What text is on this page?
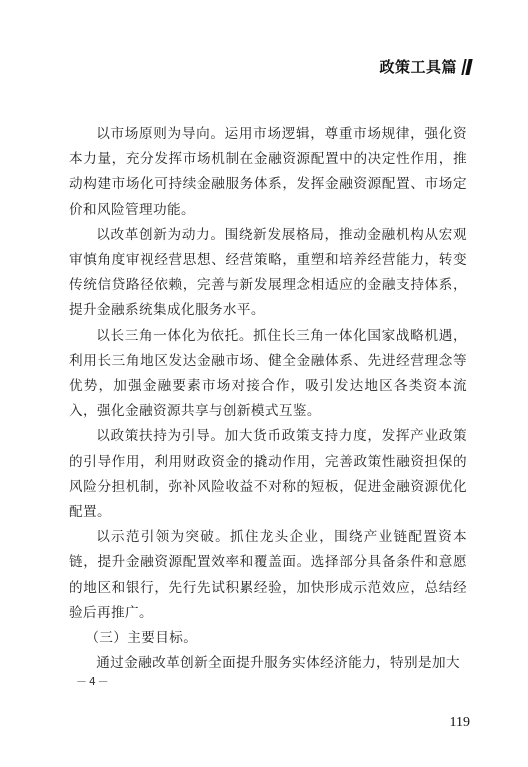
政策工具篇

以市场原则为导向。运用市场逻辑，尊重市场规律，强化资本力量，充分发挥市场机制在金融资源配置中的决定性作用，推动构建市场化可持续金融服务体系，发挥金融资源配置、市场定价和风险管理功能。

以改革创新为动力。围绕新发展格局，推动金融机构从宏观审慎角度审视经营思想、经营策略，重塑和培养经营能力，转变传统信贷路径依赖，完善与新发展理念相适应的金融支持体系，提升金融系统集成化服务水平。

以长三角一体化为依托。抓住长三角一体化国家战略机遇，利用长三角地区发达金融市场、健全金融体系、先进经营理念等优势，加强金融要素市场对接合作，吸引发达地区各类资本流入，强化金融资源共享与创新模式互鉴。

以政策扶持为引导。加大货币政策支持力度，发挥产业政策的引导作用，利用财政资金的撬动作用，完善政策性融资担保的风险分担机制，弥补风险收益不对称的短板，促进金融资源优化配置。

以示范引领为突破。抓住龙头企业，围绕产业链配置资本链，提升金融资源配置效率和覆盖面。选择部分具备条件和意愿的地区和银行，先行先试积累经验，加快形成示范效应，总结经验后再推广。

（三）主要目标。

通过金融改革创新全面提升服务实体经济能力，特别是加大

－4－
119
